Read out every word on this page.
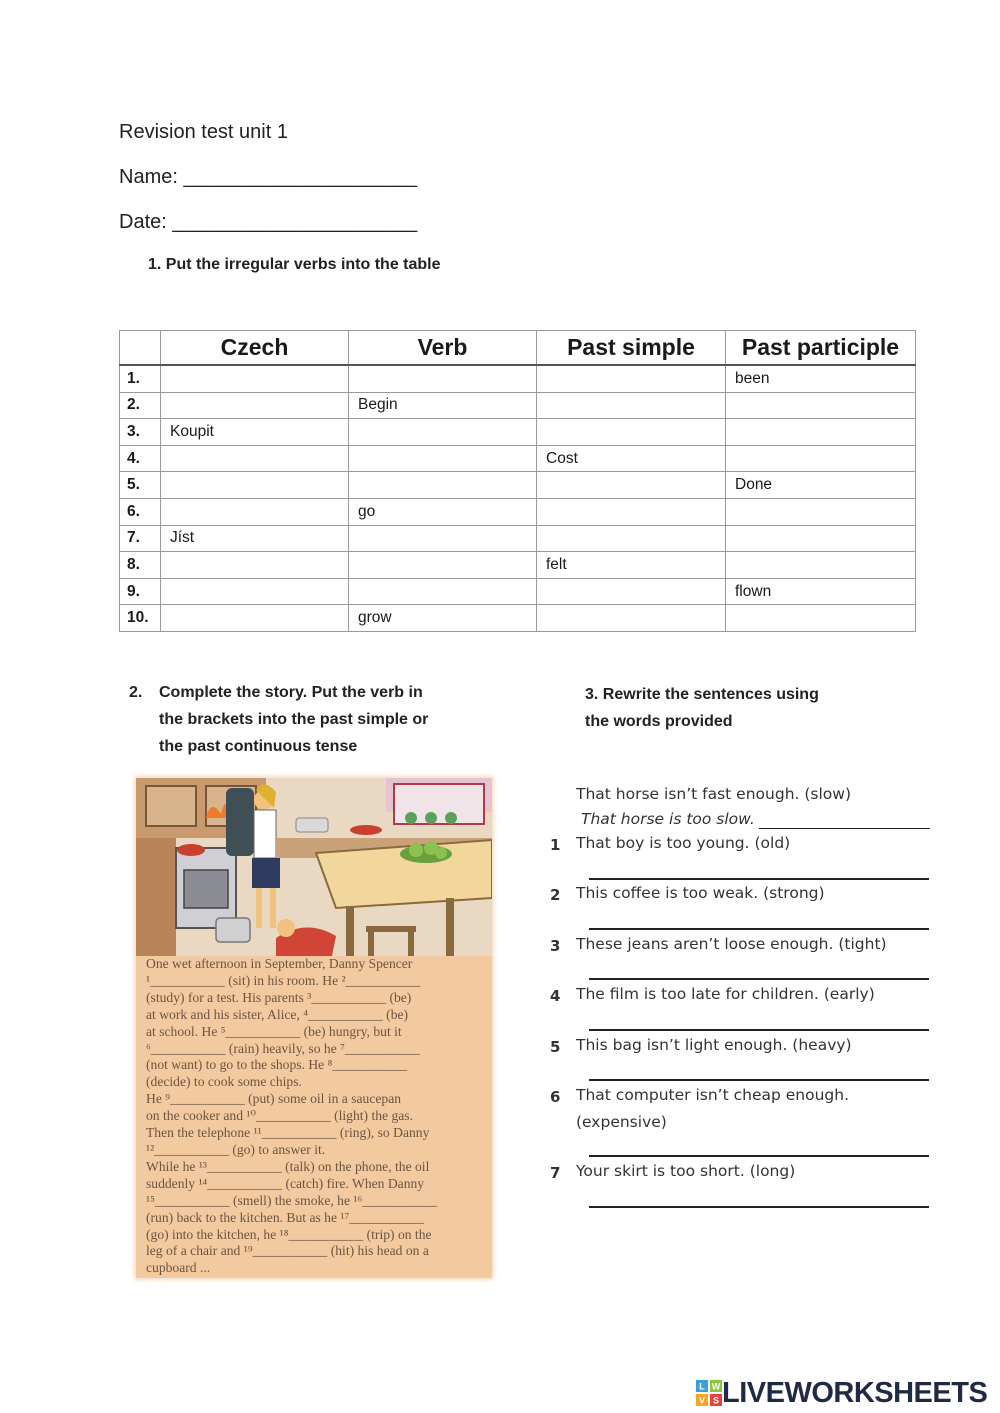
Revision test unit 1
Name: _____________________
Date: ______________________
1. Put the irregular verbs into the table
	Czech	Verb	Past simple	Past participle
1.				been
2.		Begin		
3.	Koupit			
4.			Cost	
5.				Done
6.		go		
7.	Jíst			
8.			felt	
9.				flown
10.		grow		
2. Complete the story. Put the verb in
the brackets into the past simple or
the past continuous tense

One wet afternoon in September, Danny Spencer

¹___________ (sit) in his room. He ²___________

(study) for a test. His parents ³___________ (be)

at work and his sister, Alice, ⁴___________ (be)

at school. He ⁵___________ (be) hungry, but it

⁶___________ (rain) heavily, so he ⁷___________

(not want) to go to the shops. He ⁸___________

(decide) to cook some chips.

He ⁹___________ (put) some oil in a saucepan

on the cooker and ¹⁰___________ (light) the gas.

Then the telephone ¹¹___________ (ring), so Danny

¹²___________ (go) to answer it.

While he ¹³___________ (talk) on the phone, the oil

suddenly ¹⁴___________ (catch) fire. When Danny

¹⁵___________ (smell) the smoke, he ¹⁶___________

(run) back to the kitchen. But as he ¹⁷___________

(go) into the kitchen, he ¹⁸___________ (trip) on the

leg of a chair and ¹⁹___________ (hit) his head on a

cupboard ...

3. Rewrite the sentences using
the words provided
That horse isn’t fast enough. (slow)
That horse is too slow.
1 That boy is too young. (old)
2 This coffee is too weak. (strong)
3 These jeans aren’t loose enough. (tight)
4 The film is too late for children. (early)
5 This bag isn’t light enough. (heavy)
6 That computer isn’t cheap enough.
(expensive)
7 Your skirt is too short. (long)
L W
V S LIVEWORKSHEETS
